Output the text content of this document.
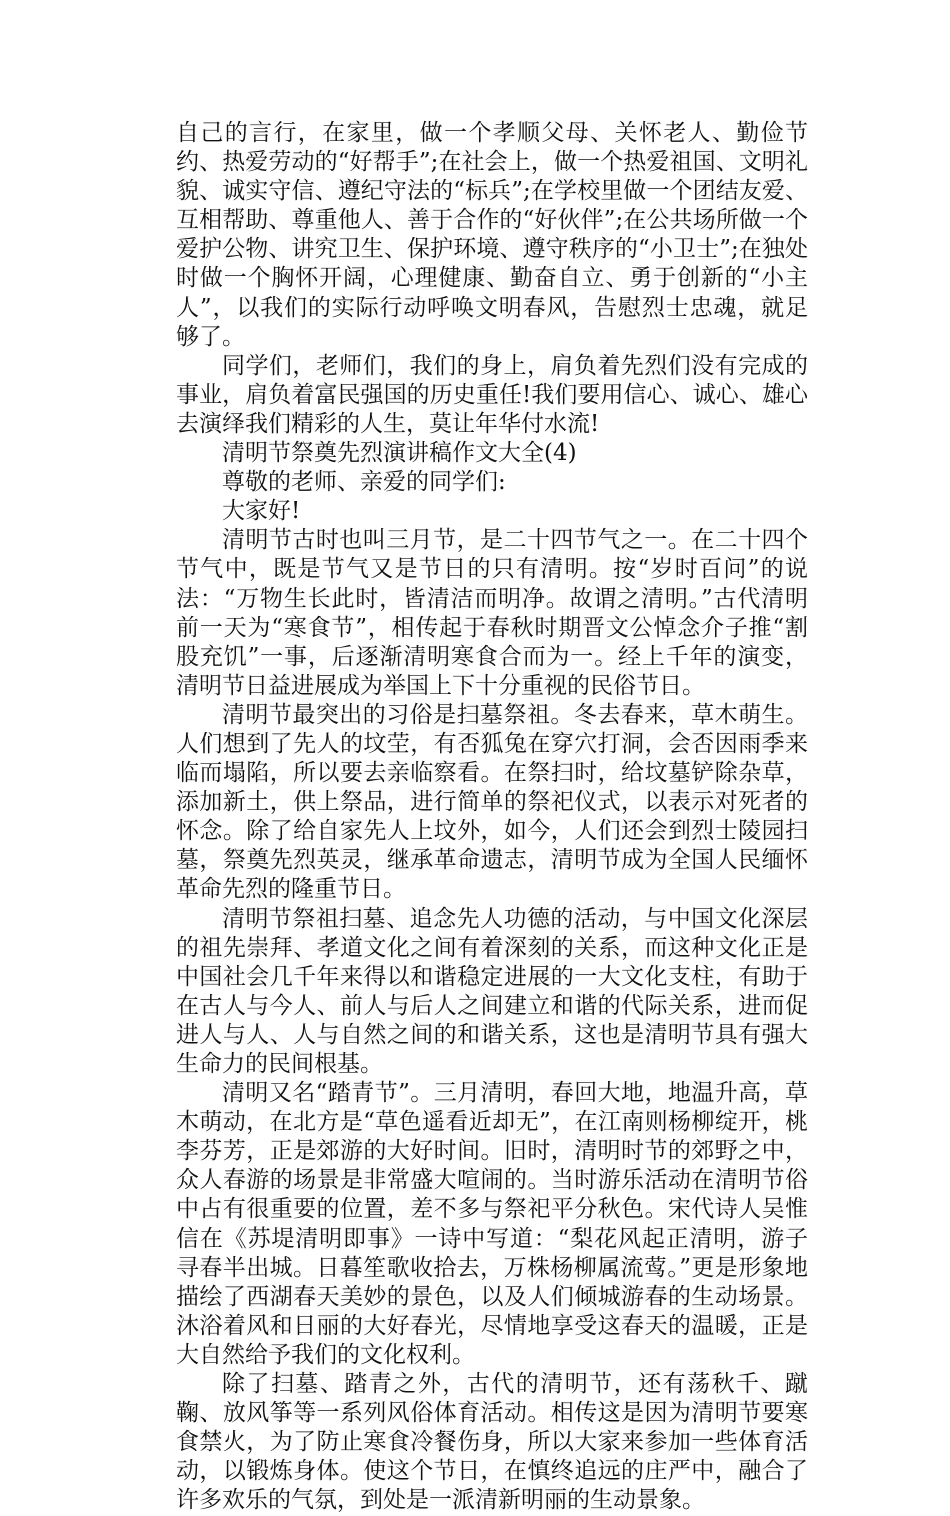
自己的言行，在家里，做一个孝顺父母、关怀老人、勤俭节约、热爱劳动的“好帮手”;在社会上，做一个热爱祖国、文明礼貌、诚实守信、遵纪守法的“标兵”;在学校里做一个团结友爱、互相帮助、尊重他人、善于合作的“好伙伴”;在公共场所做一个爱护公物、讲究卫生、保护环境、遵守秩序的“小卫士”;在独处时做一个胸怀开阔，心理健康、勤奋自立、勇于创新的“小主人”，以我们的实际行动呼唤文明春风，告慰烈士忠魂，就足够了。

同学们，老师们，我们的身上，肩负着先烈们没有完成的事业，肩负着富民强国的历史重任!我们要用信心、诚心、雄心去演绎我们精彩的人生，莫让年华付水流!

清明节祭奠先烈演讲稿作文大全(4)

尊敬的老师、亲爱的同学们:

大家好!

清明节古时也叫三月节，是二十四节气之一。在二十四个节气中，既是节气又是节日的只有清明。按“岁时百问”的说法：“万物生长此时，皆清洁而明净。故谓之清明。”古代清明前一天为“寒食节”，相传起于春秋时期晋文公悼念介子推“割股充饥”一事，后逐渐清明寒食合而为一。经上千年的演变，清明节日益进展成为举国上下十分重视的民俗节日。

清明节最突出的习俗是扫墓祭祖。冬去春来，草木萌生。人们想到了先人的坟茔，有否狐兔在穿穴打洞，会否因雨季来临而塌陷，所以要去亲临察看。在祭扫时，给坟墓铲除杂草，添加新土，供上祭品，进行简单的祭祀仪式，以表示对死者的怀念。除了给自家先人上坟外，如今，人们还会到烈士陵园扫墓，祭奠先烈英灵，继承革命遗志，清明节成为全国人民缅怀革命先烈的隆重节日。

清明节祭祖扫墓、追念先人功德的活动，与中国文化深层的祖先崇拜、孝道文化之间有着深刻的关系，而这种文化正是中国社会几千年来得以和谐稳定进展的一大文化支柱，有助于在古人与今人、前人与后人之间建立和谐的代际关系，进而促进人与人、人与自然之间的和谐关系，这也是清明节具有强大生命力的民间根基。

清明又名“踏青节”。三月清明，春回大地，地温升高，草木萌动，在北方是“草色遥看近却无”，在江南则杨柳绽开，桃李芬芳，正是郊游的大好时间。旧时，清明时节的郊野之中，众人春游的场景是非常盛大喧闹的。当时游乐活动在清明节俗中占有很重要的位置，差不多与祭祀平分秋色。宋代诗人吴惟信在《苏堤清明即事》一诗中写道：“梨花风起正清明，游子寻春半出城。日暮笙歌收拾去，万株杨柳属流莺。”更是形象地描绘了西湖春天美妙的景色，以及人们倾城游春的生动场景。沐浴着风和日丽的大好春光，尽情地享受这春天的温暖，正是大自然给予我们的文化权利。

除了扫墓、踏青之外，古代的清明节，还有荡秋千、蹴鞠、放风筝等一系列风俗体育活动。相传这是因为清明节要寒食禁火，为了防止寒食冷餐伤身，所以大家来参加一些体育活动，以锻炼身体。使这个节日，在慎终追远的庄严中，融合了许多欢乐的气氛，到处是一派清新明丽的生动景象。
